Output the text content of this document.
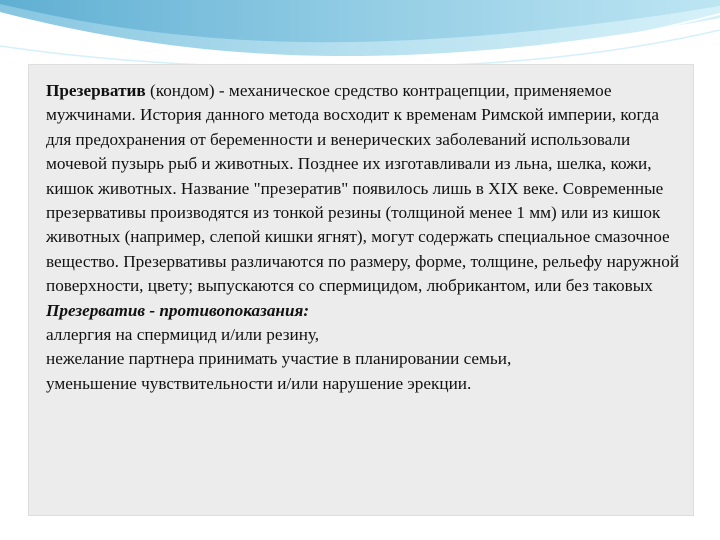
Презерватив (кондом) - механическое средство контрацепции, применяемое мужчинами. История данного метода восходит к временам Римской империи, когда для предохранения от беременности и венерических заболеваний использовали мочевой пузырь рыб и животных. Позднее их изготавливали из льна, шелка, кожи, кишок животных. Название "презератив" появилось лишь в XIX веке. Современные презервативы производятся из тонкой резины (толщиной менее 1 мм) или из кишок животных (например, слепой кишки ягнят), могут содержать специальное смазочное вещество. Презервативы различаются по размеру, форме, толщине, рельефу наружной поверхности, цвету; выпускаются со спермицидом, любрикантом, или без таковых

Презерватив - противопоказания:

аллергия на спермицид и/или резину,

нежелание партнера принимать участие в планировании семьи,

уменьшение чувствительности и/или нарушение эрекции.
